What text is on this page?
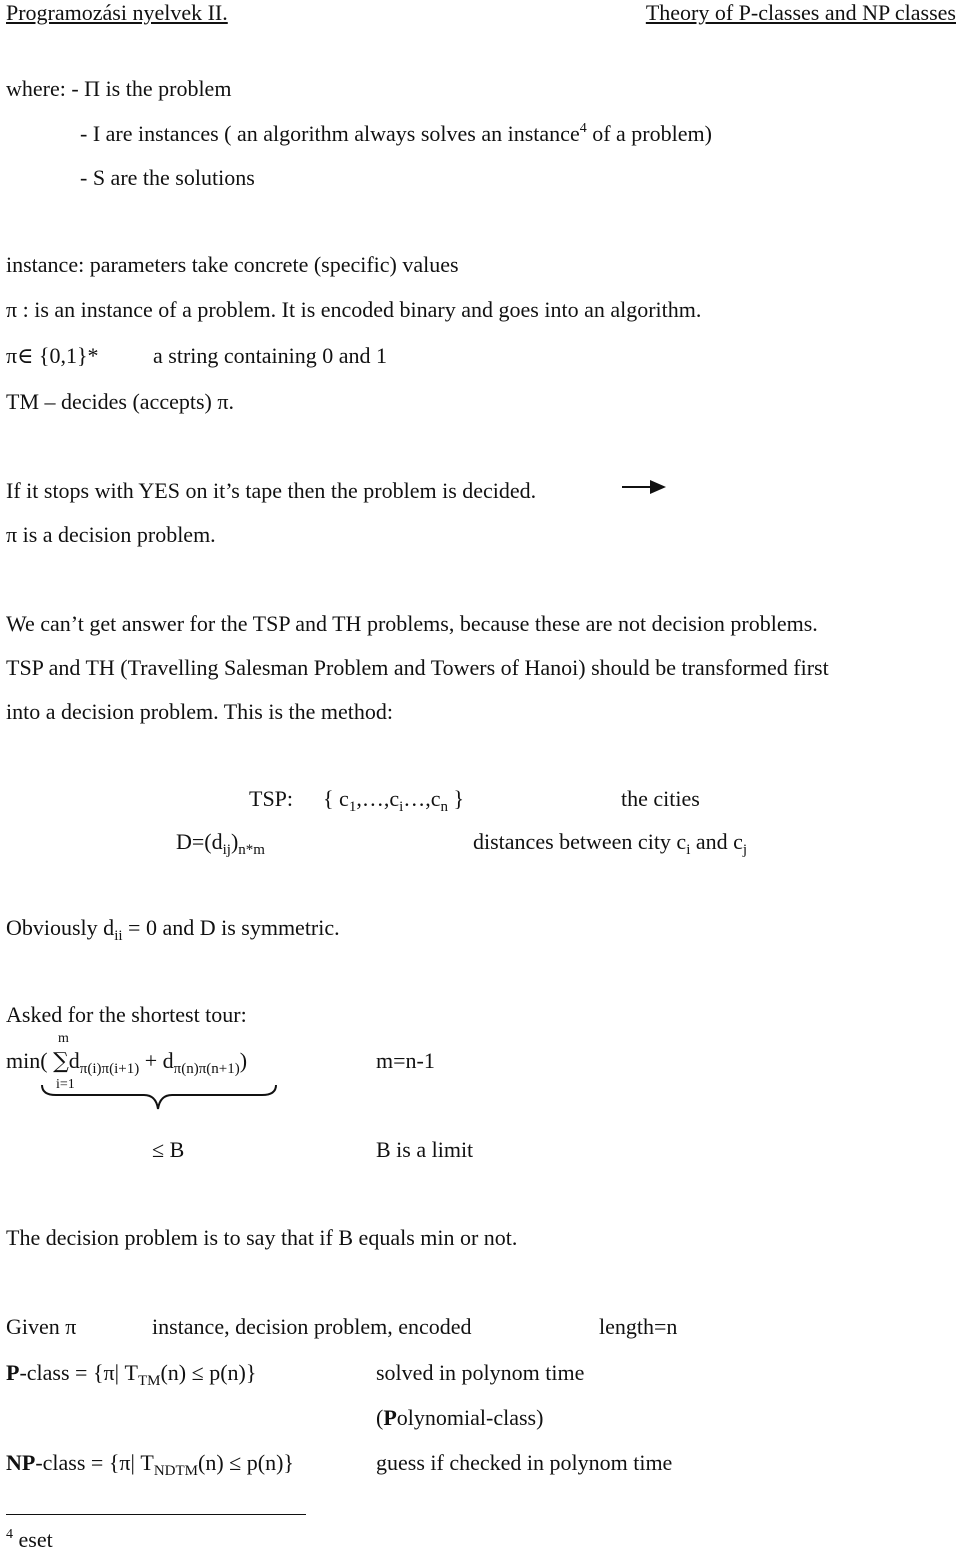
Programozási nyelvek II.	Theory of P-classes and NP classes
where: - Π is the problem
- I are instances ( an algorithm always solves an instance$^4$ of a problem)
- S are the solutions
instance: parameters take concrete (specific) values
π : is an instance of a problem. It is encoded binary and goes into an algorithm.
π∈ {0,1}* a string containing 0 and 1
TM – decides (accepts) π.
If it stops with YES on it’s tape then the problem is decided.
π is a decision problem.
We can’t get answer for the TSP and TH problems, because these are not decision problems.
TSP and TH (Travelling Salesman Problem and Towers of Hanoi) should be transformed first
into a decision problem. This is the method:
TSP: { $c_1,\dots,c_i\dots,c_n$ }	the cities
$D=(d_{ij})_{n*m}$	distances between city $c_i$ and $c_j$
Obviously $d_{ii} = 0$ and D is symmetric.
Asked for the shortest tour:
m
min( $\sum d_{\pi(i)\pi(i+1)} + d_{\pi(n)\pi(n+1)}$)
i=1
m=n-1
≤ B	B is a limit
The decision problem is to say that if B equals min or not.
Given π	instance, decision problem, encoded	length=n
P-class = {π| $T_{TM}(n) \le p(n)$}	solved in polynom time
(Polynomial-class)
NP-class = {π| $T_{NDTM}(n) \le p(n)$}	guess if checked in polynom time
$^4$ eset
